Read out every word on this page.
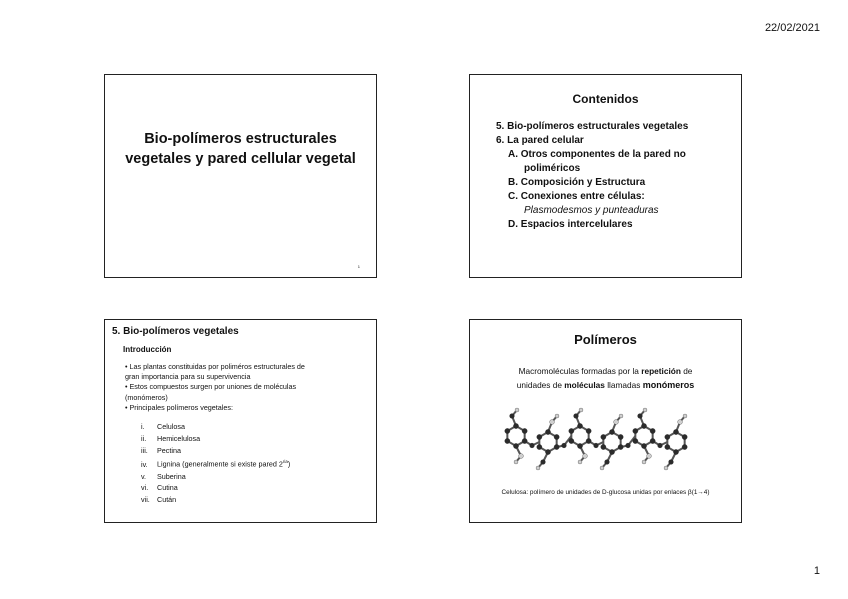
22/02/2021
Bio-polímeros estructurales
vegetales y pared cellular vegetal
1
Contenidos
5. Bio-polímeros estructurales vegetales
6. La pared celular
A. Otros componentes de la pared no
poliméricos
B. Composición y Estructura
C. Conexiones entre células:
Plasmodesmos y punteaduras
D. Espacios intercelulares
5. Bio-polímeros vegetales
Introducción
• Las plantas constituidas por poliméros estructurales de
gran importancia para su supervivencia
• Estos compuestos surgen por uniones de moléculas
(monómeros)
• Principales polímeros vegetales:
i. Celulosa
ii. Hemicelulosa
iii. Pectina
iv. Lignina (generalmente si existe pared $2^{ria}$)
v. Suberina
vi. Cutina
vii. Cután
Polímeros
Macromoléculas formadas por la repetición de
unidades de moléculas llamadas monómeros
Celulosa: polímero de unidades de D-glucosa unidas por enlaces β(1→4)
1
